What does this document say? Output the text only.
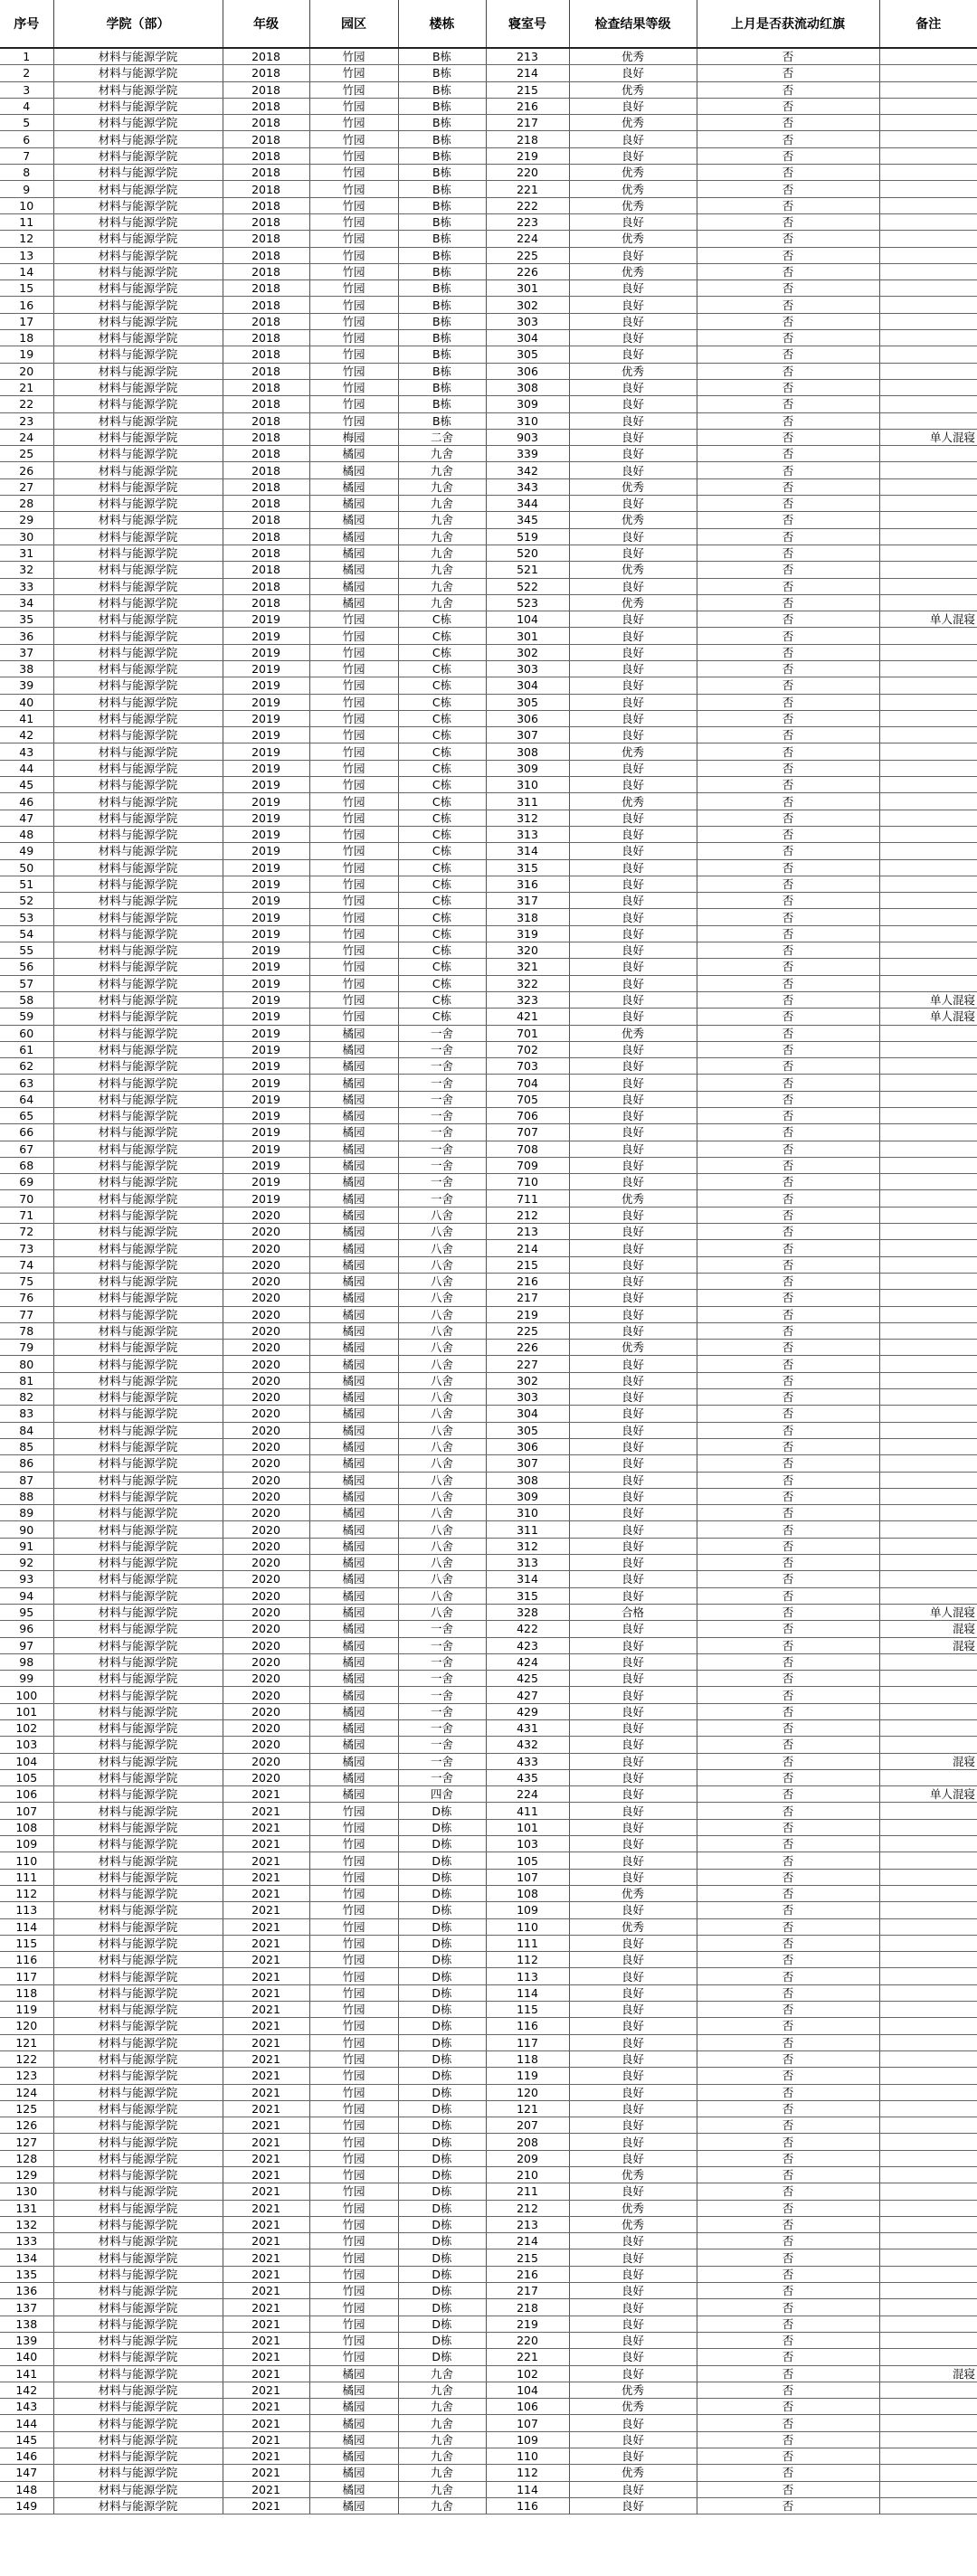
序号	学院（部）	年级	园区	楼栋	寝室号	检查结果等级	上月是否获流动红旗	备注
1	材料与能源学院	2018	竹园	B栋	213	优秀	否	
2	材料与能源学院	2018	竹园	B栋	214	良好	否	
3	材料与能源学院	2018	竹园	B栋	215	优秀	否	
4	材料与能源学院	2018	竹园	B栋	216	良好	否	
5	材料与能源学院	2018	竹园	B栋	217	优秀	否	
6	材料与能源学院	2018	竹园	B栋	218	良好	否	
7	材料与能源学院	2018	竹园	B栋	219	良好	否	
8	材料与能源学院	2018	竹园	B栋	220	优秀	否	
9	材料与能源学院	2018	竹园	B栋	221	优秀	否	
10	材料与能源学院	2018	竹园	B栋	222	优秀	否	
11	材料与能源学院	2018	竹园	B栋	223	良好	否	
12	材料与能源学院	2018	竹园	B栋	224	优秀	否	
13	材料与能源学院	2018	竹园	B栋	225	良好	否	
14	材料与能源学院	2018	竹园	B栋	226	优秀	否	
15	材料与能源学院	2018	竹园	B栋	301	良好	否	
16	材料与能源学院	2018	竹园	B栋	302	良好	否	
17	材料与能源学院	2018	竹园	B栋	303	良好	否	
18	材料与能源学院	2018	竹园	B栋	304	良好	否	
19	材料与能源学院	2018	竹园	B栋	305	良好	否	
20	材料与能源学院	2018	竹园	B栋	306	优秀	否	
21	材料与能源学院	2018	竹园	B栋	308	良好	否	
22	材料与能源学院	2018	竹园	B栋	309	良好	否	
23	材料与能源学院	2018	竹园	B栋	310	良好	否	
24	材料与能源学院	2018	梅园	二舍	903	良好	否	单人混寝
25	材料与能源学院	2018	橘园	九舍	339	良好	否	
26	材料与能源学院	2018	橘园	九舍	342	良好	否	
27	材料与能源学院	2018	橘园	九舍	343	优秀	否	
28	材料与能源学院	2018	橘园	九舍	344	良好	否	
29	材料与能源学院	2018	橘园	九舍	345	优秀	否	
30	材料与能源学院	2018	橘园	九舍	519	良好	否	
31	材料与能源学院	2018	橘园	九舍	520	良好	否	
32	材料与能源学院	2018	橘园	九舍	521	优秀	否	
33	材料与能源学院	2018	橘园	九舍	522	良好	否	
34	材料与能源学院	2018	橘园	九舍	523	优秀	否	
35	材料与能源学院	2019	竹园	C栋	104	良好	否	单人混寝
36	材料与能源学院	2019	竹园	C栋	301	良好	否	
37	材料与能源学院	2019	竹园	C栋	302	良好	否	
38	材料与能源学院	2019	竹园	C栋	303	良好	否	
39	材料与能源学院	2019	竹园	C栋	304	良好	否	
40	材料与能源学院	2019	竹园	C栋	305	良好	否	
41	材料与能源学院	2019	竹园	C栋	306	良好	否	
42	材料与能源学院	2019	竹园	C栋	307	良好	否	
43	材料与能源学院	2019	竹园	C栋	308	优秀	否	
44	材料与能源学院	2019	竹园	C栋	309	良好	否	
45	材料与能源学院	2019	竹园	C栋	310	良好	否	
46	材料与能源学院	2019	竹园	C栋	311	优秀	否	
47	材料与能源学院	2019	竹园	C栋	312	良好	否	
48	材料与能源学院	2019	竹园	C栋	313	良好	否	
49	材料与能源学院	2019	竹园	C栋	314	良好	否	
50	材料与能源学院	2019	竹园	C栋	315	良好	否	
51	材料与能源学院	2019	竹园	C栋	316	良好	否	
52	材料与能源学院	2019	竹园	C栋	317	良好	否	
53	材料与能源学院	2019	竹园	C栋	318	良好	否	
54	材料与能源学院	2019	竹园	C栋	319	良好	否	
55	材料与能源学院	2019	竹园	C栋	320	良好	否	
56	材料与能源学院	2019	竹园	C栋	321	良好	否	
57	材料与能源学院	2019	竹园	C栋	322	良好	否	
58	材料与能源学院	2019	竹园	C栋	323	良好	否	单人混寝
59	材料与能源学院	2019	竹园	C栋	421	良好	否	单人混寝
60	材料与能源学院	2019	橘园	一舍	701	优秀	否	
61	材料与能源学院	2019	橘园	一舍	702	良好	否	
62	材料与能源学院	2019	橘园	一舍	703	良好	否	
63	材料与能源学院	2019	橘园	一舍	704	良好	否	
64	材料与能源学院	2019	橘园	一舍	705	良好	否	
65	材料与能源学院	2019	橘园	一舍	706	良好	否	
66	材料与能源学院	2019	橘园	一舍	707	良好	否	
67	材料与能源学院	2019	橘园	一舍	708	良好	否	
68	材料与能源学院	2019	橘园	一舍	709	良好	否	
69	材料与能源学院	2019	橘园	一舍	710	良好	否	
70	材料与能源学院	2019	橘园	一舍	711	优秀	否	
71	材料与能源学院	2020	橘园	八舍	212	良好	否	
72	材料与能源学院	2020	橘园	八舍	213	良好	否	
73	材料与能源学院	2020	橘园	八舍	214	良好	否	
74	材料与能源学院	2020	橘园	八舍	215	良好	否	
75	材料与能源学院	2020	橘园	八舍	216	良好	否	
76	材料与能源学院	2020	橘园	八舍	217	良好	否	
77	材料与能源学院	2020	橘园	八舍	219	良好	否	
78	材料与能源学院	2020	橘园	八舍	225	良好	否	
79	材料与能源学院	2020	橘园	八舍	226	优秀	否	
80	材料与能源学院	2020	橘园	八舍	227	良好	否	
81	材料与能源学院	2020	橘园	八舍	302	良好	否	
82	材料与能源学院	2020	橘园	八舍	303	良好	否	
83	材料与能源学院	2020	橘园	八舍	304	良好	否	
84	材料与能源学院	2020	橘园	八舍	305	良好	否	
85	材料与能源学院	2020	橘园	八舍	306	良好	否	
86	材料与能源学院	2020	橘园	八舍	307	良好	否	
87	材料与能源学院	2020	橘园	八舍	308	良好	否	
88	材料与能源学院	2020	橘园	八舍	309	良好	否	
89	材料与能源学院	2020	橘园	八舍	310	良好	否	
90	材料与能源学院	2020	橘园	八舍	311	良好	否	
91	材料与能源学院	2020	橘园	八舍	312	良好	否	
92	材料与能源学院	2020	橘园	八舍	313	良好	否	
93	材料与能源学院	2020	橘园	八舍	314	良好	否	
94	材料与能源学院	2020	橘园	八舍	315	良好	否	
95	材料与能源学院	2020	橘园	八舍	328	合格	否	单人混寝
96	材料与能源学院	2020	橘园	一舍	422	良好	否	混寝
97	材料与能源学院	2020	橘园	一舍	423	良好	否	混寝
98	材料与能源学院	2020	橘园	一舍	424	良好	否	
99	材料与能源学院	2020	橘园	一舍	425	良好	否	
100	材料与能源学院	2020	橘园	一舍	427	良好	否	
101	材料与能源学院	2020	橘园	一舍	429	良好	否	
102	材料与能源学院	2020	橘园	一舍	431	良好	否	
103	材料与能源学院	2020	橘园	一舍	432	良好	否	
104	材料与能源学院	2020	橘园	一舍	433	良好	否	混寝
105	材料与能源学院	2020	橘园	一舍	435	良好	否	
106	材料与能源学院	2021	橘园	四舍	224	良好	否	单人混寝
107	材料与能源学院	2021	竹园	D栋	411	良好	否	
108	材料与能源学院	2021	竹园	D栋	101	良好	否	
109	材料与能源学院	2021	竹园	D栋	103	良好	否	
110	材料与能源学院	2021	竹园	D栋	105	良好	否	
111	材料与能源学院	2021	竹园	D栋	107	良好	否	
112	材料与能源学院	2021	竹园	D栋	108	优秀	否	
113	材料与能源学院	2021	竹园	D栋	109	良好	否	
114	材料与能源学院	2021	竹园	D栋	110	优秀	否	
115	材料与能源学院	2021	竹园	D栋	111	良好	否	
116	材料与能源学院	2021	竹园	D栋	112	良好	否	
117	材料与能源学院	2021	竹园	D栋	113	良好	否	
118	材料与能源学院	2021	竹园	D栋	114	良好	否	
119	材料与能源学院	2021	竹园	D栋	115	良好	否	
120	材料与能源学院	2021	竹园	D栋	116	良好	否	
121	材料与能源学院	2021	竹园	D栋	117	良好	否	
122	材料与能源学院	2021	竹园	D栋	118	良好	否	
123	材料与能源学院	2021	竹园	D栋	119	良好	否	
124	材料与能源学院	2021	竹园	D栋	120	良好	否	
125	材料与能源学院	2021	竹园	D栋	121	良好	否	
126	材料与能源学院	2021	竹园	D栋	207	良好	否	
127	材料与能源学院	2021	竹园	D栋	208	良好	否	
128	材料与能源学院	2021	竹园	D栋	209	良好	否	
129	材料与能源学院	2021	竹园	D栋	210	优秀	否	
130	材料与能源学院	2021	竹园	D栋	211	良好	否	
131	材料与能源学院	2021	竹园	D栋	212	优秀	否	
132	材料与能源学院	2021	竹园	D栋	213	优秀	否	
133	材料与能源学院	2021	竹园	D栋	214	良好	否	
134	材料与能源学院	2021	竹园	D栋	215	良好	否	
135	材料与能源学院	2021	竹园	D栋	216	良好	否	
136	材料与能源学院	2021	竹园	D栋	217	良好	否	
137	材料与能源学院	2021	竹园	D栋	218	良好	否	
138	材料与能源学院	2021	竹园	D栋	219	良好	否	
139	材料与能源学院	2021	竹园	D栋	220	良好	否	
140	材料与能源学院	2021	竹园	D栋	221	良好	否	
141	材料与能源学院	2021	橘园	九舍	102	良好	否	混寝
142	材料与能源学院	2021	橘园	九舍	104	优秀	否	
143	材料与能源学院	2021	橘园	九舍	106	优秀	否	
144	材料与能源学院	2021	橘园	九舍	107	良好	否	
145	材料与能源学院	2021	橘园	九舍	109	良好	否	
146	材料与能源学院	2021	橘园	九舍	110	良好	否	
147	材料与能源学院	2021	橘园	九舍	112	优秀	否	
148	材料与能源学院	2021	橘园	九舍	114	良好	否	
149	材料与能源学院	2021	橘园	九舍	116	良好	否	
